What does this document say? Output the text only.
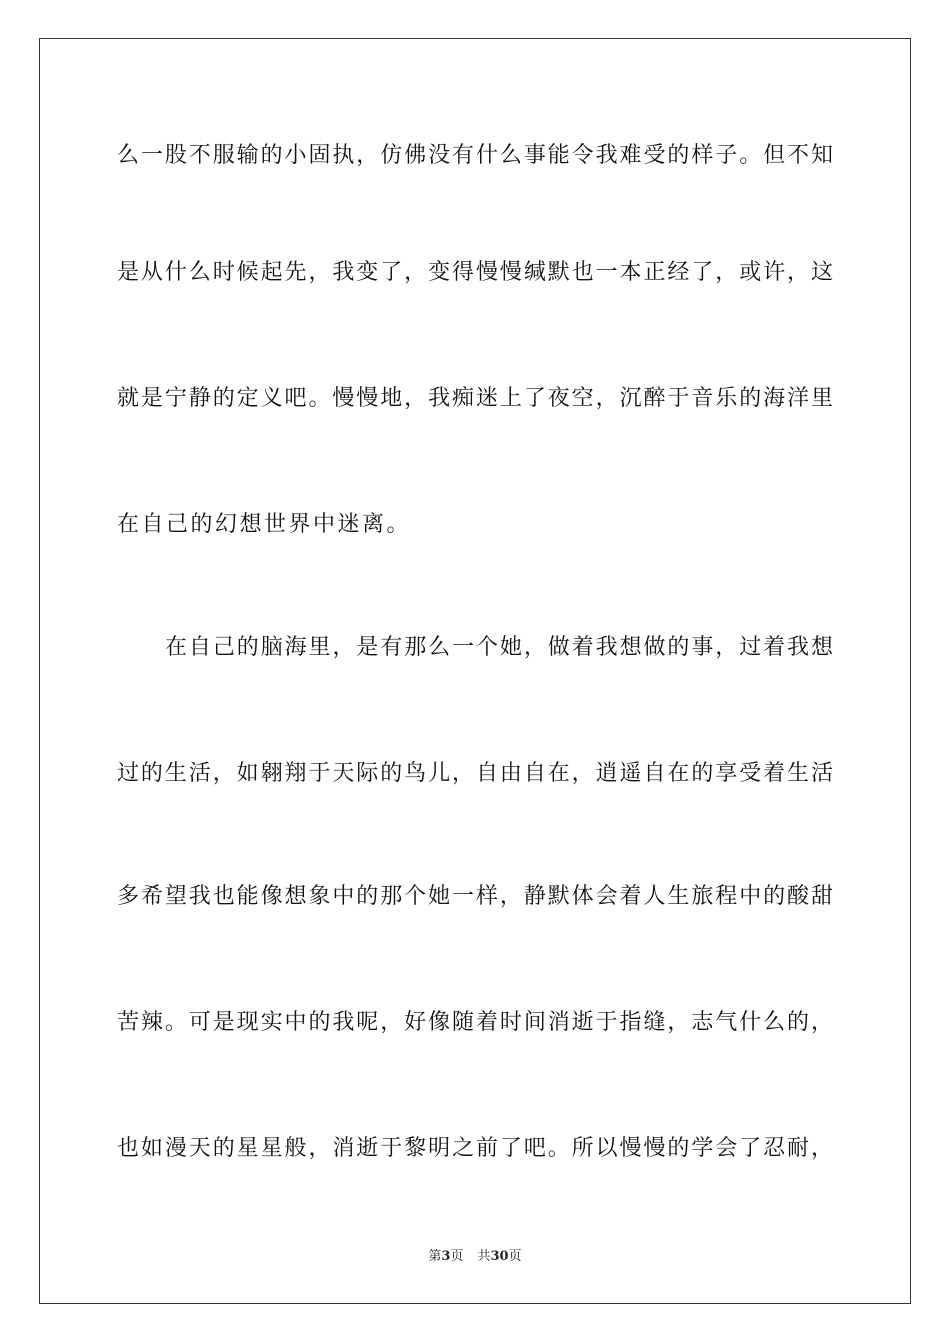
么一股不服输的小固执，仿佛没有什么事能令我难受的样子。但不知
是从什么时候起先，我变了，变得慢慢缄默也一本正经了，或许，这
就是宁静的定义吧。慢慢地，我痴迷上了夜空，沉醉于音乐的海洋里
在自己的幻想世界中迷离。
在自己的脑海里，是有那么一个她，做着我想做的事，过着我想
过的生活，如翱翔于天际的鸟儿，自由自在，逍遥自在的享受着生活
多希望我也能像想象中的那个她一样，静默体会着人生旅程中的酸甜
苦辣。可是现实中的我呢，好像随着时间消逝于指缝，志气什么的，
也如漫天的星星般，消逝于黎明之前了吧。所以慢慢的学会了忍耐，
第3页 共30页
